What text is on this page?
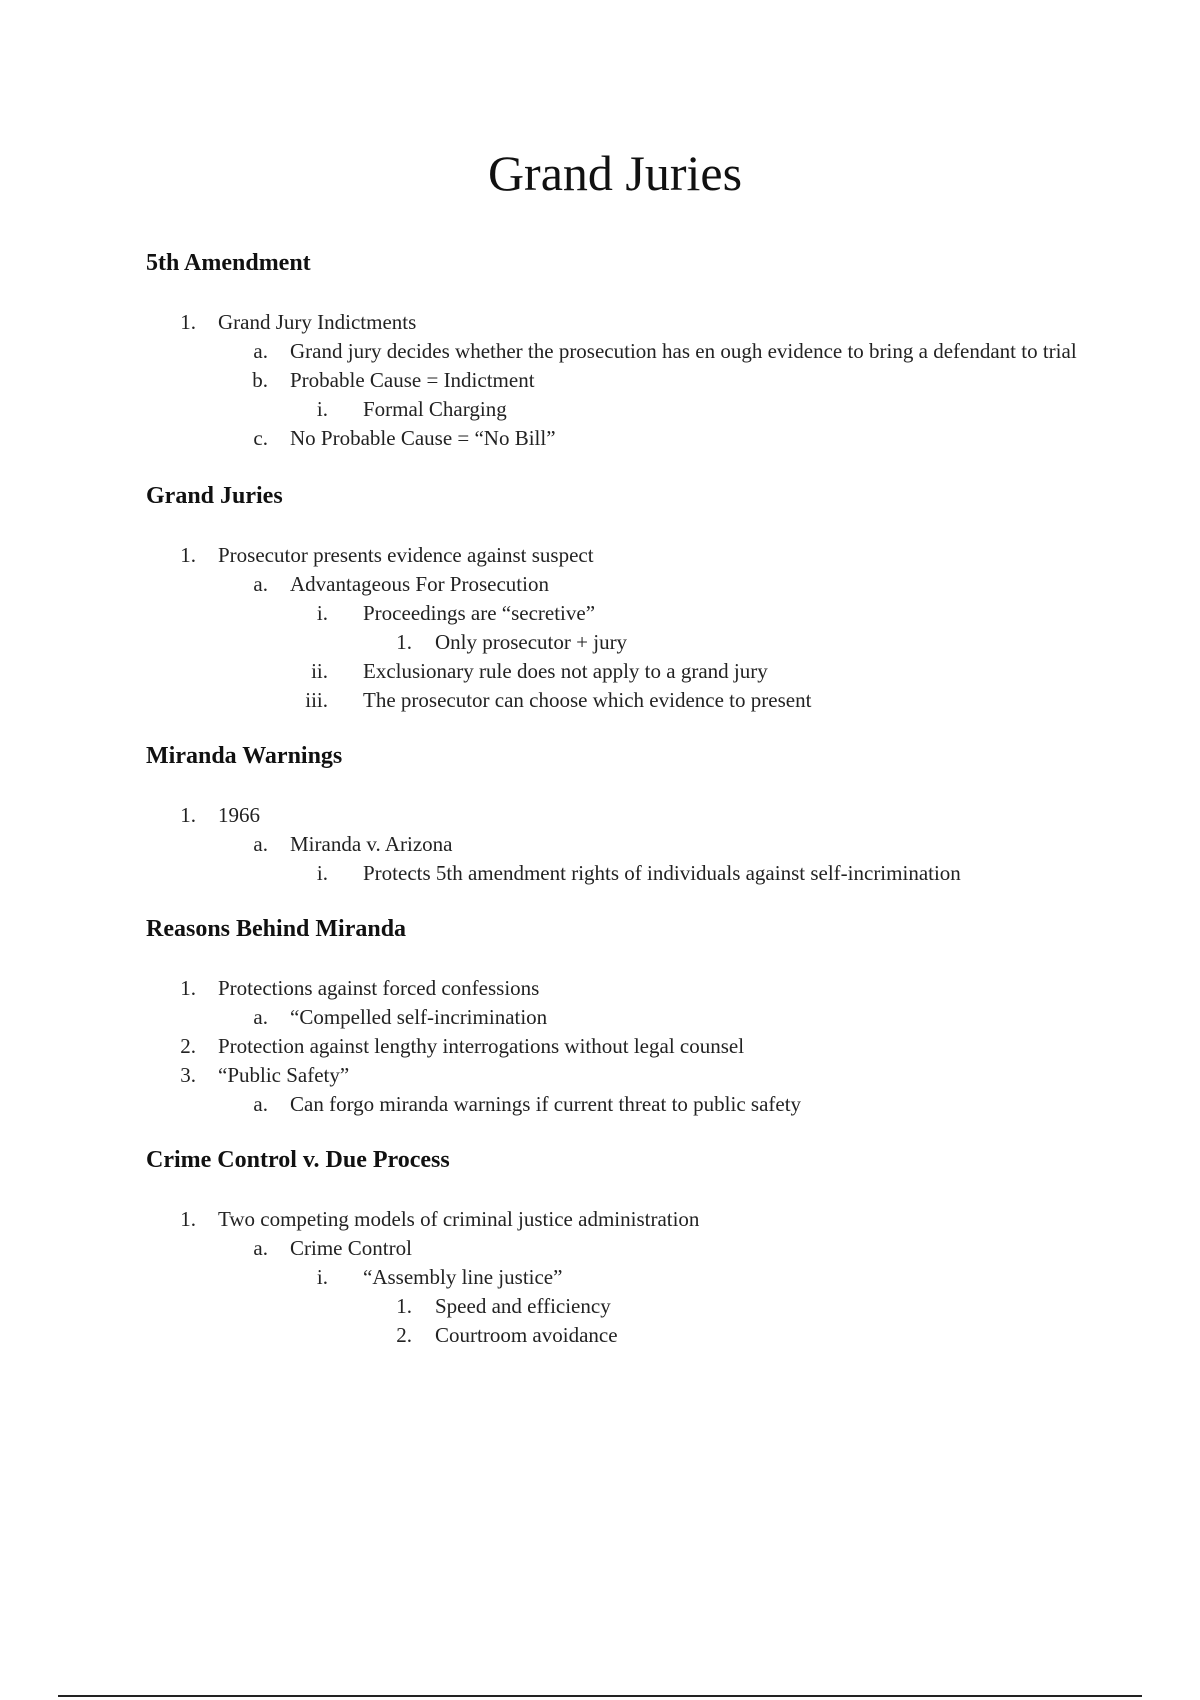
Grand Juries
5th Amendment
1. Grand Jury Indictments
a. Grand jury decides whether the prosecution has en ough evidence to bring a defendant to trial
b. Probable Cause = Indictment
i. Formal Charging
c. No Probable Cause = “No Bill”
Grand Juries
1. Prosecutor presents evidence against suspect
a. Advantageous For Prosecution
i. Proceedings are “secretive”
1. Only prosecutor + jury
ii. Exclusionary rule does not apply to a grand jury
iii. The prosecutor can choose which evidence to present
Miranda Warnings
1. 1966
a. Miranda v. Arizona
i. Protects 5th amendment rights of individuals against self-incrimination
Reasons Behind Miranda
1. Protections against forced confessions
a. “Compelled self-incrimination
2. Protection against lengthy interrogations without legal counsel
3. “Public Safety”
a. Can forgo miranda warnings if current threat to public safety
Crime Control v. Due Process
1. Two competing models of criminal justice administration
a. Crime Control
i. “Assembly line justice”
1. Speed and efficiency
2. Courtroom avoidance
